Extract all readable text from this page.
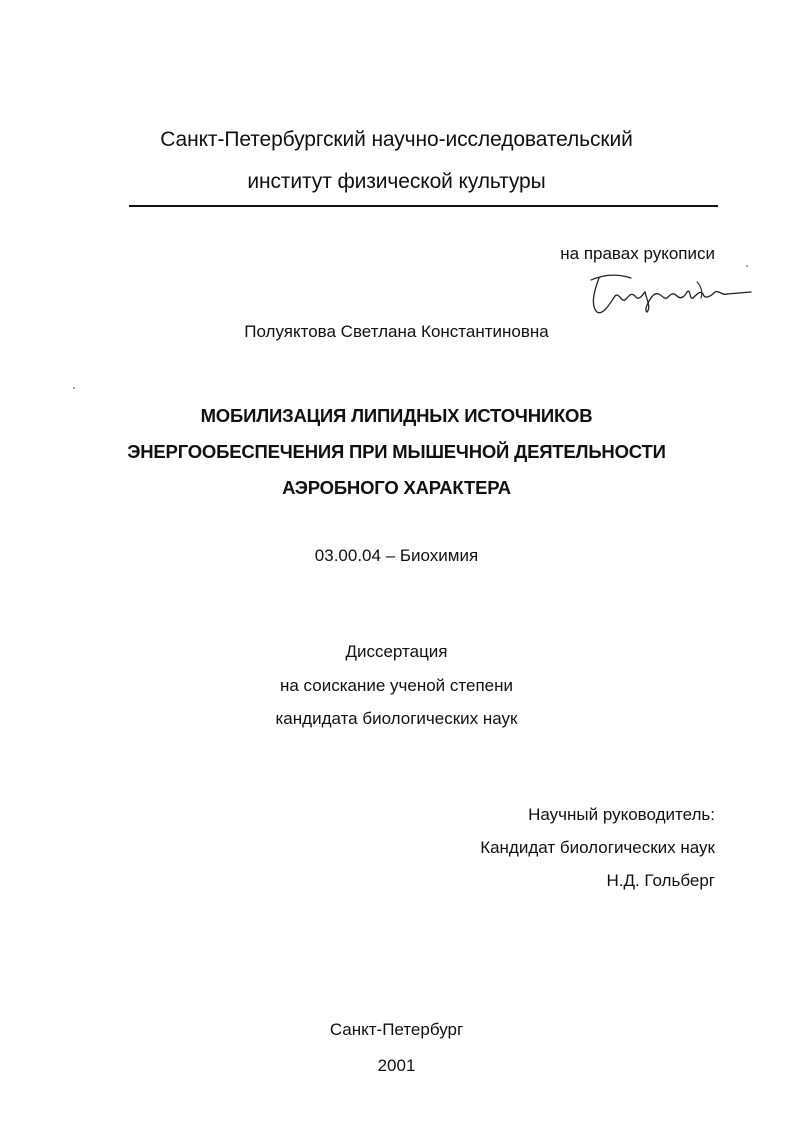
Санкт-Петербургский научно-исследовательский
институт физической культуры
на правах рукописи
Полуяктова Светлана Константиновна
МОБИЛИЗАЦИЯ ЛИПИДНЫХ ИСТОЧНИКОВ
ЭНЕРГООБЕСПЕЧЕНИЯ ПРИ МЫШЕЧНОЙ ДЕЯТЕЛЬНОСТИ
АЭРОБНОГО ХАРАКТЕРА
03.00.04 – Биохимия
Диссертация
на соискание ученой степени
кандидата биологических наук
Научный руководитель:
Кандидат биологических наук
Н.Д. Гольберг
Санкт-Петербург
2001
